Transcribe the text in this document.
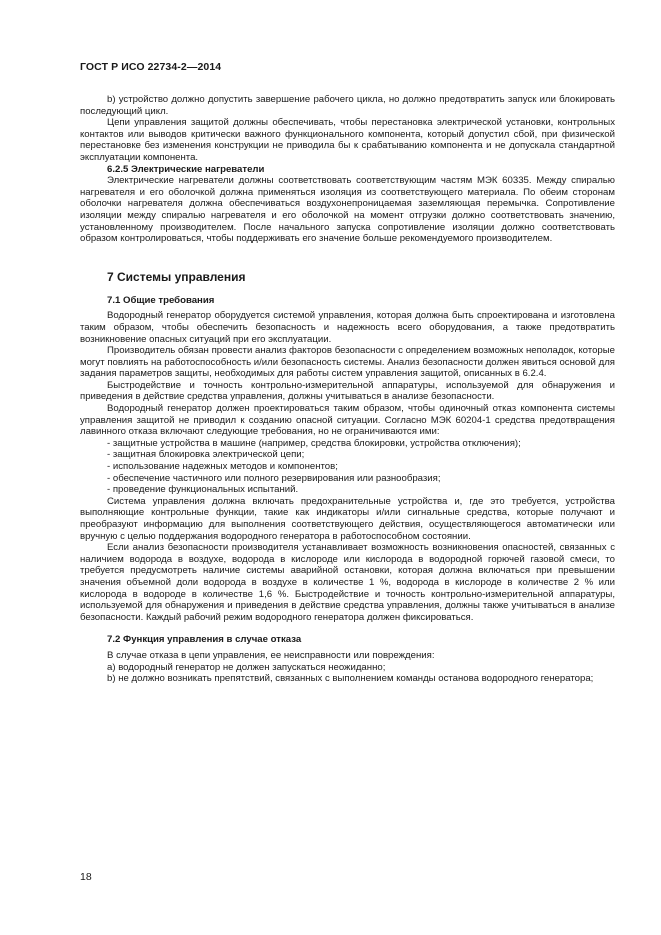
ГОСТ Р ИСО 22734-2—2014

b) устройство должно допустить завершение рабочего цикла, но должно предотвратить запуск или блокировать последующий цикл.

Цепи управления защитой должны обеспечивать, чтобы перестановка электрической установки, контрольных контактов или выводов критически важного функционального компонента, который допустил сбой, при физической перестановке без изменения конструкции не приводила бы к срабатыванию компонента и не допускала стандартной эксплуатации компонента.

6.2.5 Электрические нагреватели

Электрические нагреватели должны соответствовать соответствующим частям МЭК 60335. Между спиралью нагревателя и его оболочкой должна применяться изоляция из соответствующего материала. По обеим сторонам оболочки нагревателя должна обеспечиваться воздухонепроницаемая заземляющая перемычка. Сопротивление изоляции между спиралью нагревателя и его оболочкой на момент отгрузки должно соответствовать значению, установленному производителем. После начального запуска сопротивление изоляции должно соответствовать образом контролироваться, чтобы поддерживать его значение больше рекомендуемого производителем.

7 Системы управления

7.1 Общие требования

Водородный генератор оборудуется системой управления, которая должна быть спроектирована и изготовлена таким образом, чтобы обеспечить безопасность и надежность всего оборудования, а также предотвратить возникновение опасных ситуаций при его эксплуатации.

Производитель обязан провести анализ факторов безопасности с определением возможных неполадок, которые могут повлиять на работоспособность и/или безопасность системы. Анализ безопасности должен явиться основой для задания параметров защиты, необходимых для работы систем управления защитой, описанных в 6.2.4.

Быстродействие и точность контрольно-измерительной аппаратуры, используемой для обнаружения и приведения в действие средства управления, должны учитываться в анализе безопасности.

Водородный генератор должен проектироваться таким образом, чтобы одиночный отказ компонента системы управления защитой не приводил к созданию опасной ситуации. Согласно МЭК 60204-1 средства предотвращения лавинного отказа включают следующие требования, но не ограничиваются ими:

- защитные устройства в машине (например, средства блокировки, устройства отключения);

- защитная блокировка электрической цепи;

- использование надежных методов и компонентов;

- обеспечение частичного или полного резервирования или разнообразия;

- проведение функциональных испытаний.

Система управления должна включать предохранительные устройства и, где это требуется, устройства выполняющие контрольные функции, такие как индикаторы и/или сигнальные средства, которые получают и преобразуют информацию для выполнения соответствующего действия, осуществляющегося автоматически или вручную с целью поддержания водородного генератора в работоспособном состоянии.

Если анализ безопасности производителя устанавливает возможность возникновения опасностей, связанных с наличием водорода в воздухе, водорода в кислороде или кислорода в водородной горючей газовой смеси, то требуется предусмотреть наличие системы аварийной остановки, которая должна включаться при превышении значения объемной доли водорода в воздухе в количестве 1 %, водорода в кислороде в количестве 2 % или кислорода в водороде в количестве 1,6 %. Быстродействие и точность контрольно-измерительной аппаратуры, используемой для обнаружения и приведения в действие средства управления, должны также учитываться в анализе безопасности. Каждый рабочий режим водородного генератора должен фиксироваться.

7.2 Функция управления в случае отказа

В случае отказа в цепи управления, ее неисправности или повреждения:

a) водородный генератор не должен запускаться неожиданно;

b) не должно возникать препятствий, связанных с выполнением команды останова водородного генератора;

18
